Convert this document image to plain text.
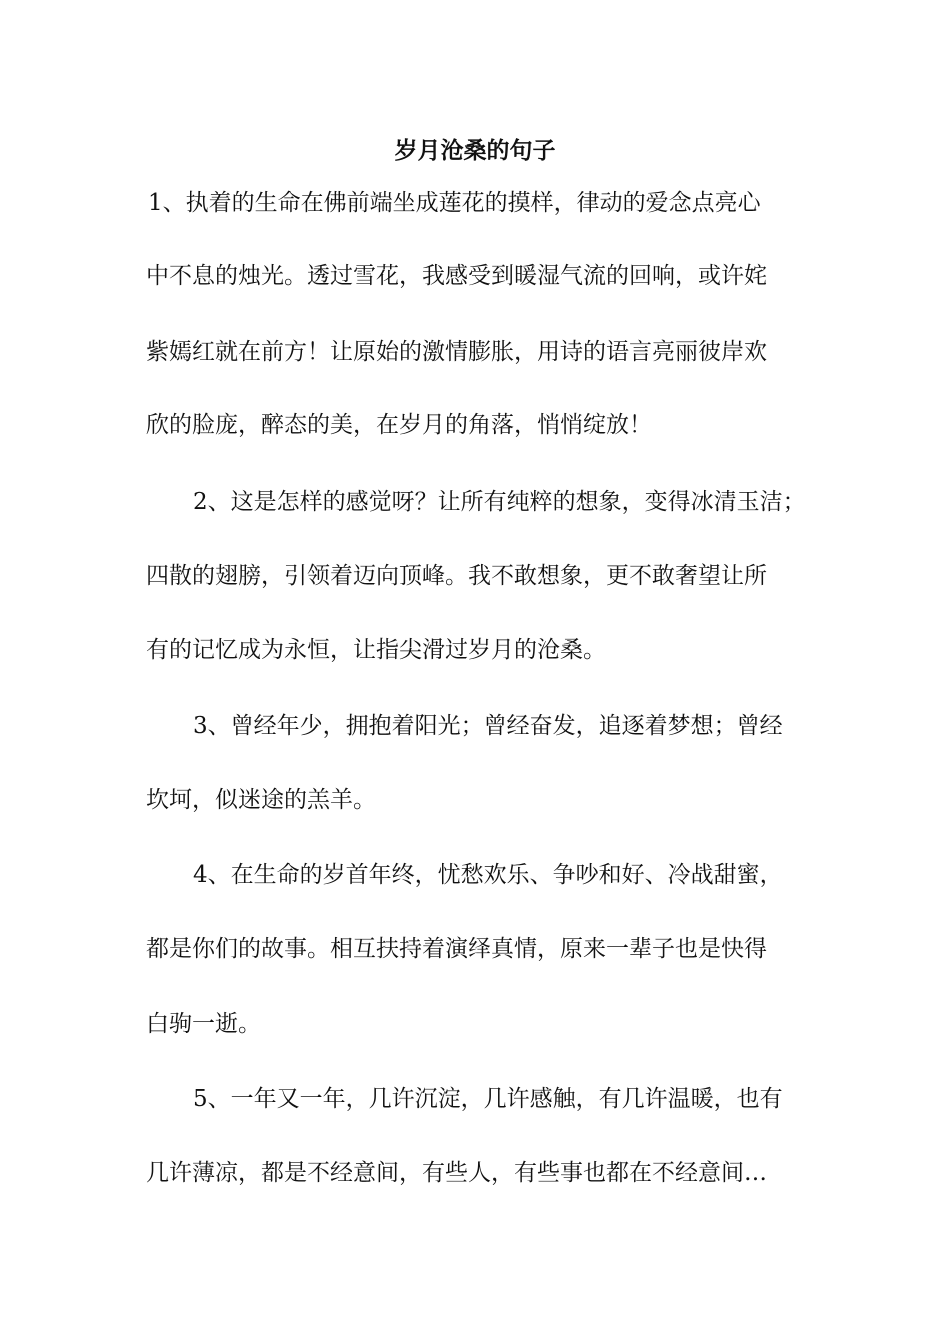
岁月沧桑的句子
1、执着的生命在佛前端坐成莲花的摸样，律动的爱念点亮心
中不息的烛光。透过雪花，我感受到暖湿气流的回响，或许姹
紫嫣红就在前方！让原始的激情膨胀，用诗的语言亮丽彼岸欢
欣的脸庞，醉态的美，在岁月的角落，悄悄绽放！
2、这是怎样的感觉呀？让所有纯粹的想象，变得冰清玉洁；
四散的翅膀，引领着迈向顶峰。我不敢想象，更不敢奢望让所
有的记忆成为永恒，让指尖滑过岁月的沧桑。
3、曾经年少，拥抱着阳光；曾经奋发，追逐着梦想；曾经
坎坷，似迷途的羔羊。
4、在生命的岁首年终，忧愁欢乐、争吵和好、冷战甜蜜，
都是你们的故事。相互扶持着演绎真情，原来一辈子也是快得
白驹一逝。
5、一年又一年，几许沉淀，几许感触，有几许温暖，也有
几许薄凉，都是不经意间，有些人，有些事也都在不经意间…
